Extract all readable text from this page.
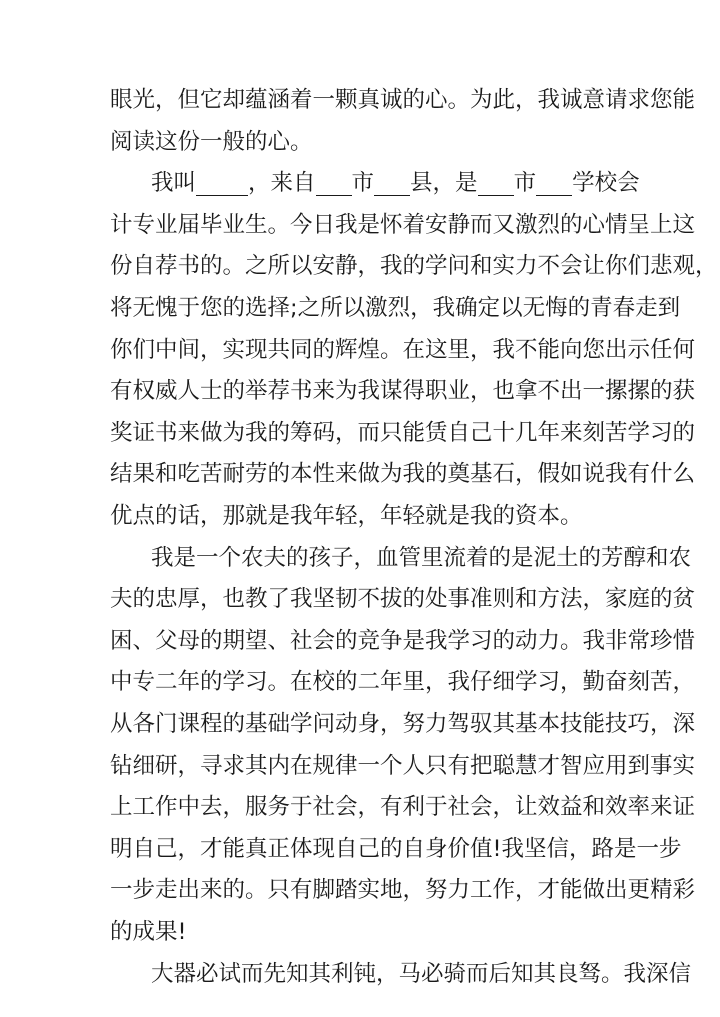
眼光，但它却蕴涵着一颗真诚的心。为此，我诚意请求您能
阅读这份一般的心。
我叫 ，来自 市 县，是 市 学校会
计专业届毕业生。今日我是怀着安静而又激烈的心情呈上这
份自荐书的。之所以安静，我的学问和实力不会让你们悲观，
将无愧于您的选择;之所以激烈，我确定以无悔的青春走到
你们中间，实现共同的辉煌。在这里，我不能向您出示任何
有权威人士的举荐书来为我谋得职业，也拿不出一摞摞的获
奖证书来做为我的筹码，而只能赁自己十几年来刻苦学习的
结果和吃苦耐劳的本性来做为我的奠基石，假如说我有什么
优点的话，那就是我年轻，年轻就是我的资本。
我是一个农夫的孩子，血管里流着的是泥土的芳醇和农
夫的忠厚，也教了我坚韧不拔的处事准则和方法，家庭的贫
困、父母的期望、社会的竞争是我学习的动力。我非常珍惜
中专二年的学习。在校的二年里，我仔细学习，勤奋刻苦，
从各门课程的基础学问动身，努力驾驭其基本技能技巧，深
钻细研，寻求其内在规律一个人只有把聪慧才智应用到事实
上工作中去，服务于社会，有利于社会，让效益和效率来证
明自己，才能真正体现自己的自身价值!我坚信，路是一步
一步走出来的。只有脚踏实地，努力工作，才能做出更精彩
的成果!
大器必试而先知其利钝，马必骑而后知其良驽。我深信
